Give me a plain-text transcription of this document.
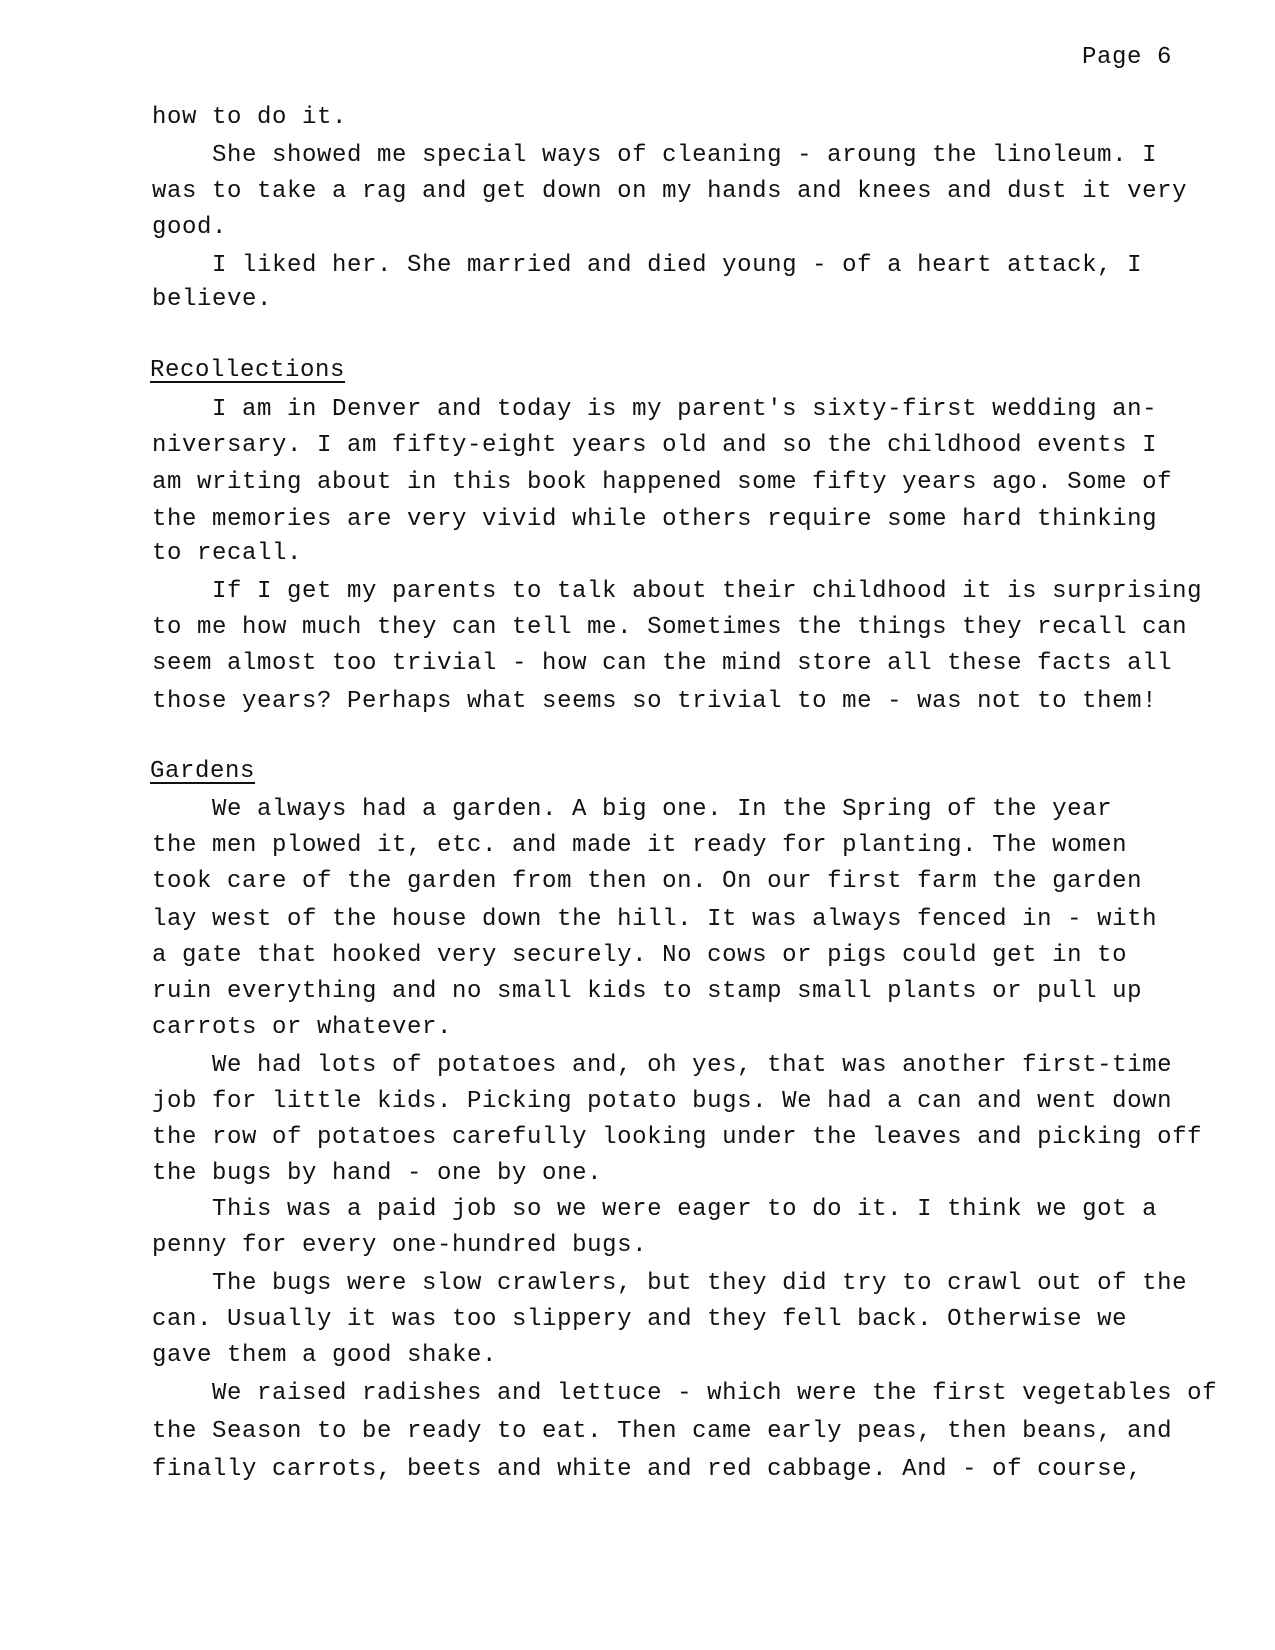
Page 6
how to do it.
She showed me special ways of cleaning - aroung the linoleum. I
was to take a rag and get down on my hands and knees and dust it very
good.
I liked her. She married and died young - of a heart attack, I
believe.
Recollections
I am in Denver and today is my parent's sixty-first wedding an-
niversary. I am fifty-eight years old and so the childhood events I
am writing about in this book happened some fifty years ago. Some of
the memories are very vivid while others require some hard thinking
to recall.
If I get my parents to talk about their childhood it is surprising
to me how much they can tell me. Sometimes the things they recall can
seem almost too trivial - how can the mind store all these facts all
those years? Perhaps what seems so trivial to me - was not to them!
Gardens
We always had a garden. A big one. In the Spring of the year
the men plowed it, etc. and made it ready for planting. The women
took care of the garden from then on. On our first farm the garden
lay west of the house down the hill. It was always fenced in - with
a gate that hooked very securely. No cows or pigs could get in to
ruin everything and no small kids to stamp small plants or pull up
carrots or whatever.
We had lots of potatoes and, oh yes, that was another first-time
job for little kids. Picking potato bugs. We had a can and went down
the row of potatoes carefully looking under the leaves and picking off
the bugs by hand - one by one.
This was a paid job so we were eager to do it. I think we got a
penny for every one-hundred bugs.
The bugs were slow crawlers, but they did try to crawl out of the
can. Usually it was too slippery and they fell back. Otherwise we
gave them a good shake.
We raised radishes and lettuce - which were the first vegetables of
the Season to be ready to eat. Then came early peas, then beans, and
finally carrots, beets and white and red cabbage. And - of course,
